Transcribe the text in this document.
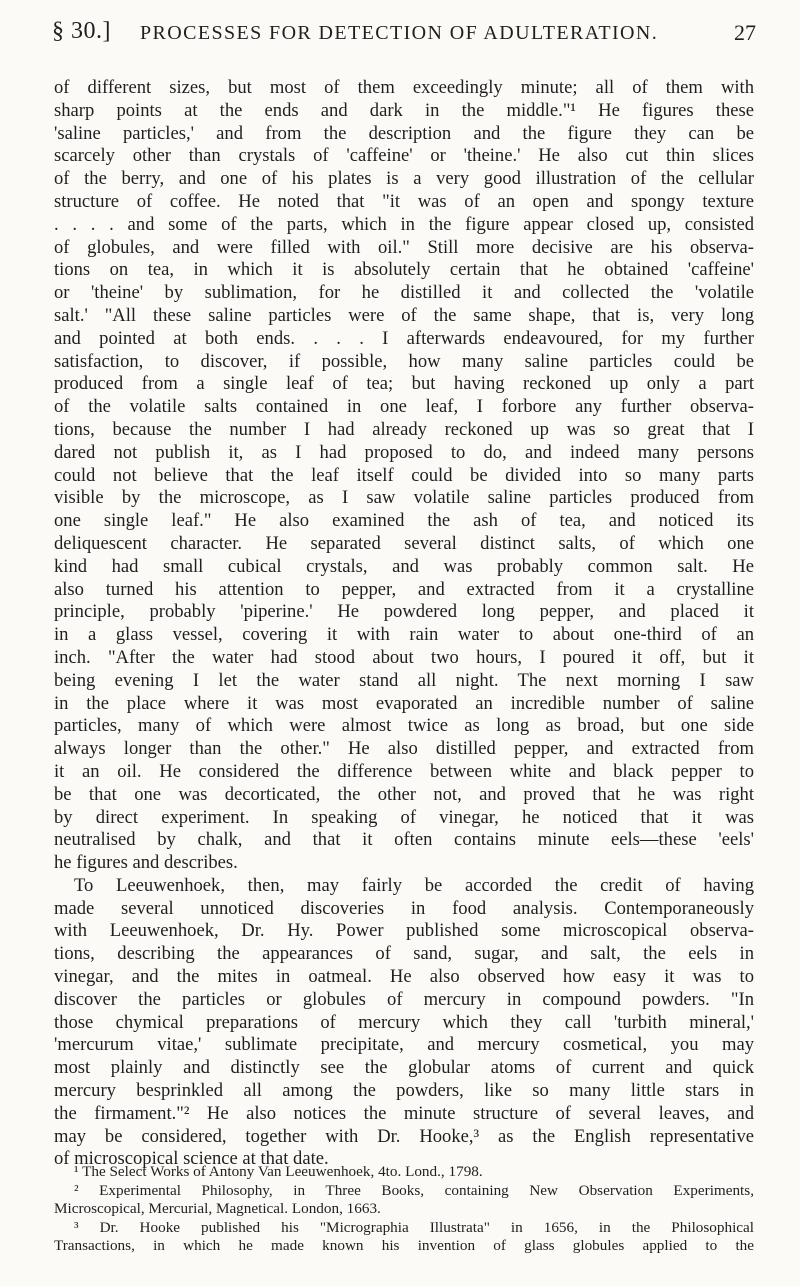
§ 30.] PROCESSES FOR DETECTION OF ADULTERATION.	27
of different sizes, but most of them exceedingly minute; all of them with
sharp points at the ends and dark in the middle."¹ He figures these
'saline particles,' and from the description and the figure they can be
scarcely other than crystals of 'caffeine' or 'theine.' He also cut thin slices
of the berry, and one of his plates is a very good illustration of the cellular
structure of coffee. He noted that "it was of an open and spongy texture
. . . . and some of the parts, which in the figure appear closed up, consisted
of globules, and were filled with oil." Still more decisive are his observa-
tions on tea, in which it is absolutely certain that he obtained 'caffeine'
or 'theine' by sublimation, for he distilled it and collected the 'volatile
salt.' "All these saline particles were of the same shape, that is, very long
and pointed at both ends. . . . I afterwards endeavoured, for my further
satisfaction, to discover, if possible, how many saline particles could be
produced from a single leaf of tea; but having reckoned up only a part
of the volatile salts contained in one leaf, I forbore any further observa-
tions, because the number I had already reckoned up was so great that I
dared not publish it, as I had proposed to do, and indeed many persons
could not believe that the leaf itself could be divided into so many parts
visible by the microscope, as I saw volatile saline particles produced from
one single leaf." He also examined the ash of tea, and noticed its
deliquescent character. He separated several distinct salts, of which one
kind had small cubical crystals, and was probably common salt. He
also turned his attention to pepper, and extracted from it a crystalline
principle, probably 'piperine.' He powdered long pepper, and placed it
in a glass vessel, covering it with rain water to about one-third of an
inch. "After the water had stood about two hours, I poured it off, but it
being evening I let the water stand all night. The next morning I saw
in the place where it was most evaporated an incredible number of saline
particles, many of which were almost twice as long as broad, but one side
always longer than the other." He also distilled pepper, and extracted from
it an oil. He considered the difference between white and black pepper to
be that one was decorticated, the other not, and proved that he was right
by direct experiment. In speaking of vinegar, he noticed that it was
neutralised by chalk, and that it often contains minute eels—these 'eels'
he figures and describes.
To Leeuwenhoek, then, may fairly be accorded the credit of having
made several unnoticed discoveries in food analysis. Contemporaneously
with Leeuwenhoek, Dr. Hy. Power published some microscopical observa-
tions, describing the appearances of sand, sugar, and salt, the eels in
vinegar, and the mites in oatmeal. He also observed how easy it was to
discover the particles or globules of mercury in compound powders. "In
those chymical preparations of mercury which they call 'turbith mineral,'
'mercurum vitae,' sublimate precipitate, and mercury cosmetical, you may
most plainly and distinctly see the globular atoms of current and quick
mercury besprinkled all among the powders, like so many little stars in
the firmament."² He also notices the minute structure of several leaves, and
may be considered, together with Dr. Hooke,³ as the English representative
of microscopical science at that date.
¹ The Select Works of Antony Van Leeuwenhoek, 4to. Lond., 1798.
² Experimental Philosophy, in Three Books, containing New Observation Experiments,
Microscopical, Mercurial, Magnetical. London, 1663.
³ Dr. Hooke published his "Micrographia Illustrata" in 1656, in the Philosophical
Transactions, in which he made known his invention of glass globules applied to the
